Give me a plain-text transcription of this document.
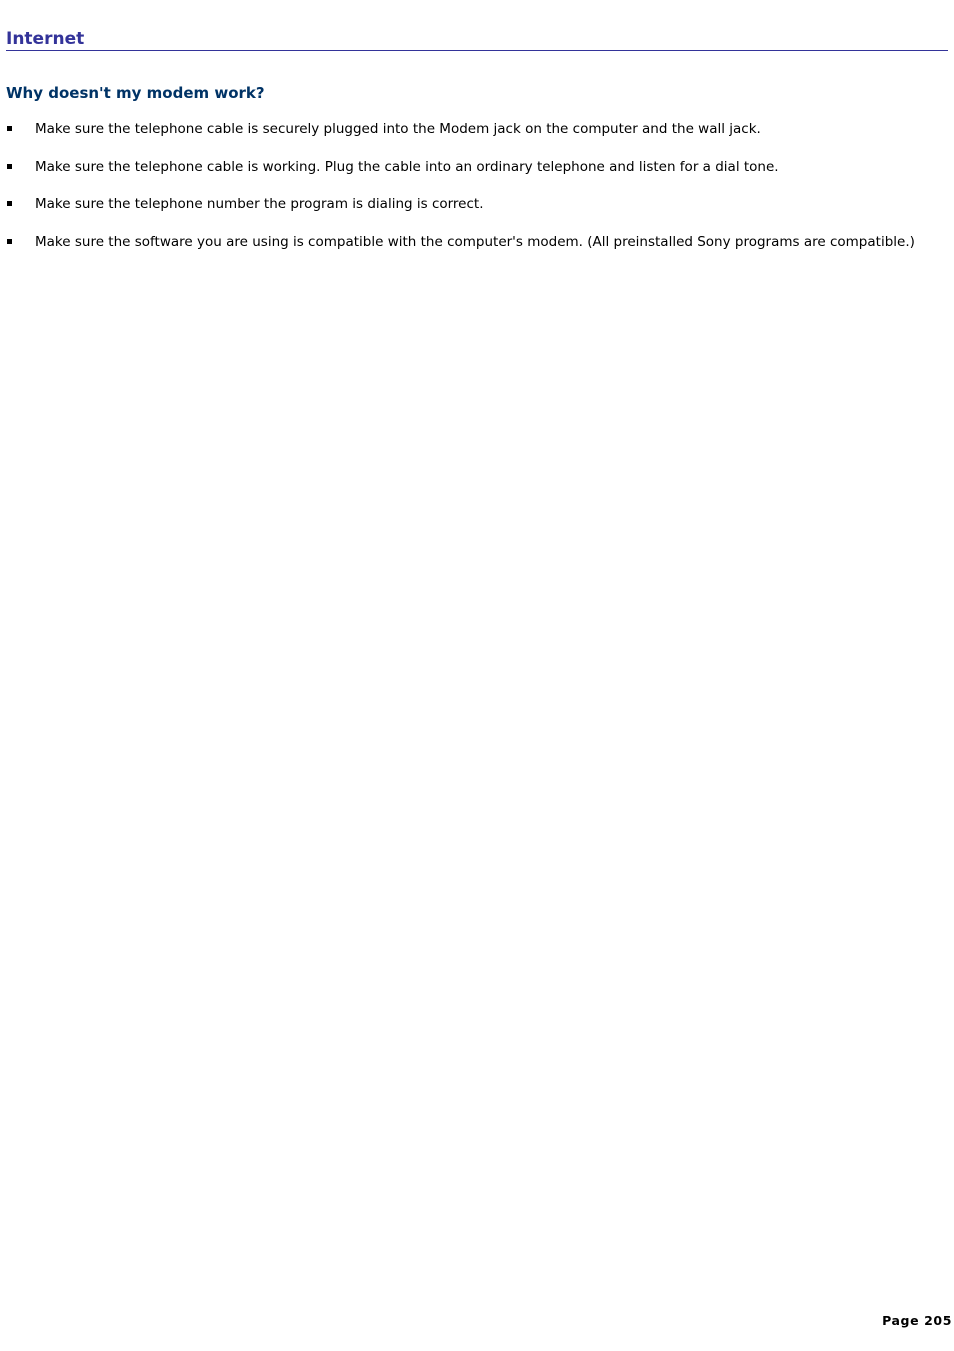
Internet
Why doesn't my modem work?
Make sure the telephone cable is securely plugged into the Modem jack on the computer and the wall jack.
Make sure the telephone cable is working. Plug the cable into an ordinary telephone and listen for a dial tone.
Make sure the telephone number the program is dialing is correct.
Make sure the software you are using is compatible with the computer's modem. (All preinstalled Sony programs are compatible.)
Page 205
